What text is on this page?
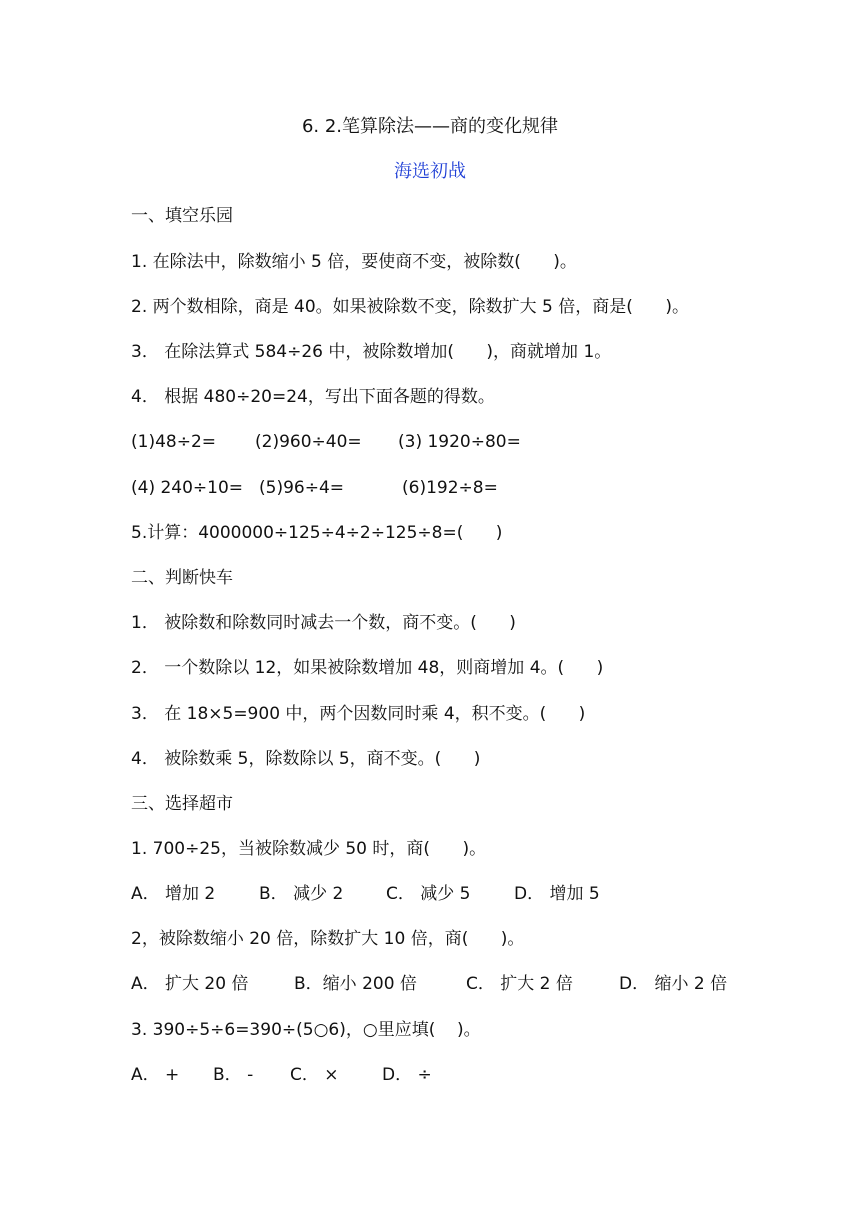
6. 2.笔算除法——商的变化规律
海选初战
一、填空乐园
1. 在除法中，除数缩小 5 倍，要使商不变，被除数(      )。
2. 两个数相除，商是 40。如果被除数不变，除数扩大 5 倍，商是(      )。
3． 在除法算式 584÷26 中，被除数增加(      )，商就增加 1。
4． 根据 480÷20=24，写出下面各题的得数。
(1)48÷2= (2)960÷40= (3) 1920÷80=
(4) 240÷10= (5)96÷4=	(6)192÷8=
5.计算：4000000÷125÷4÷2÷125÷8=(      )
二、判断快车
1． 被除数和除数同时减去一个数，商不变。(      )
2． 一个数除以 12，如果被除数增加 48，则商增加 4。(      )
3． 在 18×5=900 中，两个因数同时乘 4，积不变。(      )
4． 被除数乘 5，除数除以 5，商不变。(      )
三、选择超市
1. 700÷25，当被除数减少 50 时，商(      )。
A． 增加 2	B． 减少 2	C． 减少 5	D． 增加 5
2，被除数缩小 20 倍，除数扩大 10 倍，商(      )。
A． 扩大 20 倍	B．缩小 200 倍	C． 扩大 2 倍	D． 缩小 2 倍
3. 390÷5÷6=390÷(5○6)，○里应填(    )。
A． + B． - C． ×	D． ÷
